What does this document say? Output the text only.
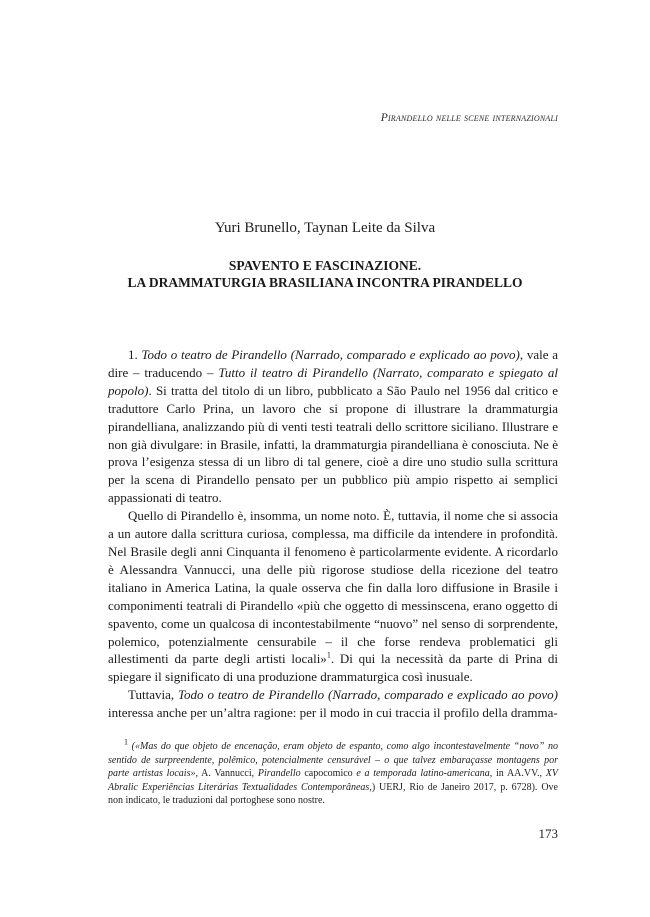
Pirandello nelle scene internazionali
Yuri Brunello, Taynan Leite da Silva
SPAVENTO E FASCINAZIONE.
LA DRAMMATURGIA BRASILIANA INCONTRA PIRANDELLO

1. Todo o teatro de Pirandello (Narrado, comparado e explicado ao povo), vale a dire – traducendo – Tutto il teatro di Pirandello (Narrato, comparato e spiegato al popolo). Si tratta del titolo di un libro, pubblicato a São Paulo nel 1956 dal critico e traduttore Carlo Prina, un lavoro che si propone di illustrare la drammaturgia pirandelliana, analizzando più di venti testi teatrali dello scrittore siciliano. Illustrare e non già divulgare: in Brasile, infatti, la drammaturgia pirandelliana è conosciuta. Ne è prova l’esigenza stessa di un libro di tal genere, cioè a dire uno studio sulla scrittura per la scena di Pirandello pensato per un pubblico più ampio rispetto ai semplici appassionati di teatro.

Quello di Pirandello è, insomma, un nome noto. È, tuttavia, il nome che si associa a un autore dalla scrittura curiosa, complessa, ma difficile da intendere in profondità. Nel Brasile degli anni Cinquanta il fenomeno è particolarmente evidente. A ricordarlo è Alessandra Vannucci, una delle più rigorose studiose della ricezione del teatro italiano in America Latina, la quale osserva che fin dalla loro diffusione in Brasile i componimenti teatrali di Pirandello «più che oggetto di messinscena, erano oggetto di spavento, come un qualcosa di incontestabilmente “nuovo” nel senso di sorprendente, polemico, potenzialmente censurabile – il che forse rendeva problematici gli allestimenti da parte degli artisti locali»$^1$. Di qui la necessità da parte di Prina di spiegare il significato di una produzione drammaturgica così inusuale.

Tuttavia, Todo o teatro de Pirandello (Narrado, comparado e explicado ao povo) interessa anche per un’altra ragione: per il modo in cui traccia il profilo della dramma-

$^1$ («Mas do que objeto de encenação, eram objeto de espanto, como algo incontestavelmente “novo” no sentido de surpreendente, polêmico, potencialmente censurável – o que talvez embaraçasse montagens por parte artistas locais», A. Vannucci, Pirandello capocomico e a temporada latino-americana, in AA.VV., XV Abralic Experiências Literárias Textualidades Contemporâneas,) UERJ, Rio de Janeiro 2017, p. 6728). Ove non indicato, le traduzioni dal portoghese sono nostre.

173
